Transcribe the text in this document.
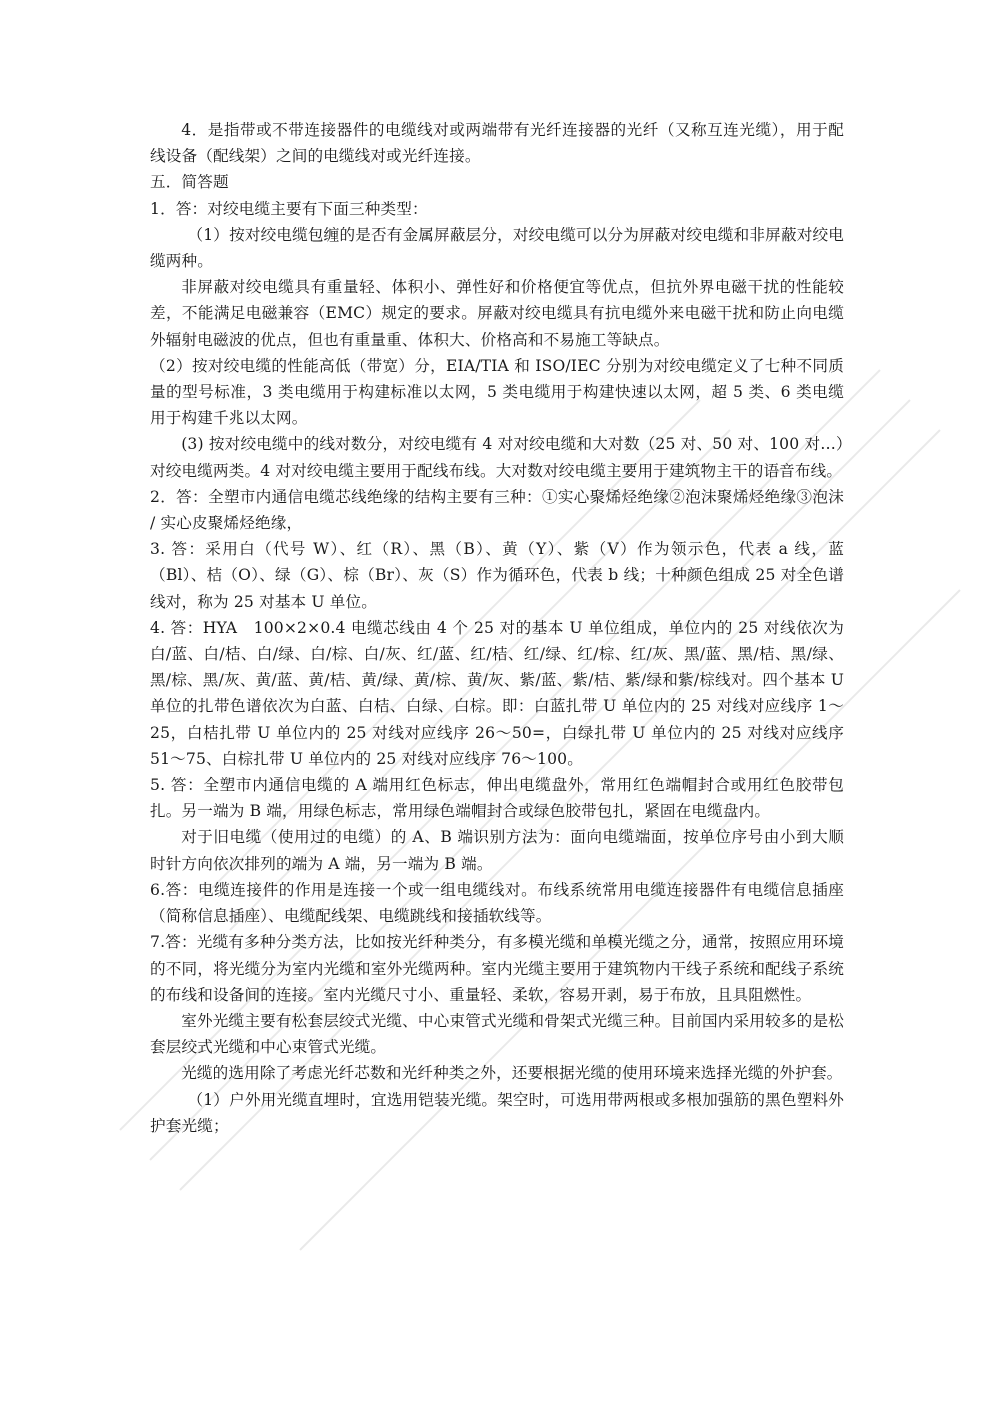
4．是指带或不带连接器件的电缆线对或两端带有光纤连接器的光纤（又称互连光缆），用于配线设备（配线架）之间的电缆线对或光纤连接。

五．简答题

1．答：对绞电缆主要有下面三种类型：

（1）按对绞电缆包缠的是否有金属屏蔽层分，对绞电缆可以分为屏蔽对绞电缆和非屏蔽对绞电缆两种。

非屏蔽对绞电缆具有重量轻、体积小、弹性好和价格便宜等优点，但抗外界电磁干扰的性能较差，不能满足电磁兼容（EMC）规定的要求。屏蔽对绞电缆具有抗电缆外来电磁干扰和防止向电缆外辐射电磁波的优点，但也有重量重、体积大、价格高和不易施工等缺点。

（2）按对绞电缆的性能高低（带宽）分，EIA/TIA 和 ISO/IEC 分别为对绞电缆定义了七种不同质量的型号标准，3 类电缆用于构建标准以太网，5 类电缆用于构建快速以太网，超 5 类、6 类电缆用于构建千兆以太网。

(3) 按对绞电缆中的线对数分，对绞电缆有 4 对对绞电缆和大对数（25 对、50 对、100 对…）对绞电缆两类。4 对对绞电缆主要用于配线布线。大对数对绞电缆主要用于建筑物主干的语音布线。

2．答：全塑市内通信电缆芯线绝缘的结构主要有三种：①实心聚烯烃绝缘②泡沫聚烯烃绝缘③泡沫 / 实心皮聚烯烃绝缘，

3. 答：采用白（代号 W）、红（R）、黑（B）、黄（Y）、紫（V）作为领示色，代表 a 线，蓝（Bl）、桔（O）、绿（G）、棕（Br）、灰（S）作为循环色，代表 b 线；十种颜色组成 25 对全色谱线对，称为 25 对基本 U 单位。

4. 答：HYA　100×2×0.4 电缆芯线由 4 个 25 对的基本 U 单位组成，单位内的 25 对线依次为白/蓝、白/桔、白/绿、白/棕、白/灰、红/蓝、红/桔、红/绿、红/棕、红/灰、黑/蓝、黑/桔、黑/绿、黑/棕、黑/灰、黄/蓝、黄/桔、黄/绿、黄/棕、黄/灰、紫/蓝、紫/桔、紫/绿和紫/棕线对。四个基本 U 单位的扎带色谱依次为白蓝、白桔、白绿、白棕。即：白蓝扎带 U 单位内的 25 对线对应线序 1～25，白桔扎带 U 单位内的 25 对线对应线序 26～50=，白绿扎带 U 单位内的 25 对线对应线序 51～75、白棕扎带 U 单位内的 25 对线对应线序 76～100。

5. 答：全塑市内通信电缆的 A 端用红色标志，伸出电缆盘外，常用红色端帽封合或用红色胶带包扎。另一端为 B 端，用绿色标志，常用绿色端帽封合或绿色胶带包扎，紧固在电缆盘内。

对于旧电缆（使用过的电缆）的 A、B 端识别方法为：面向电缆端面，按单位序号由小到大顺时针方向依次排列的端为 A 端，另一端为 B 端。

6.答：电缆连接件的作用是连接一个或一组电缆线对。布线系统常用电缆连接器件有电缆信息插座（简称信息插座）、电缆配线架、电缆跳线和接插软线等。

7.答：光缆有多种分类方法，比如按光纤种类分，有多模光缆和单模光缆之分，通常，按照应用环境的不同，将光缆分为室内光缆和室外光缆两种。室内光缆主要用于建筑物内干线子系统和配线子系统的布线和设备间的连接。室内光缆尺寸小、重量轻、柔软，容易开剥，易于布放，且具阻燃性。

室外光缆主要有松套层绞式光缆、中心束管式光缆和骨架式光缆三种。目前国内采用较多的是松套层绞式光缆和中心束管式光缆。

光缆的选用除了考虑光纤芯数和光纤种类之外，还要根据光缆的使用环境来选择光缆的外护套。

（1）户外用光缆直埋时，宜选用铠装光缆。架空时，可选用带两根或多根加强筋的黑色塑料外护套光缆；
